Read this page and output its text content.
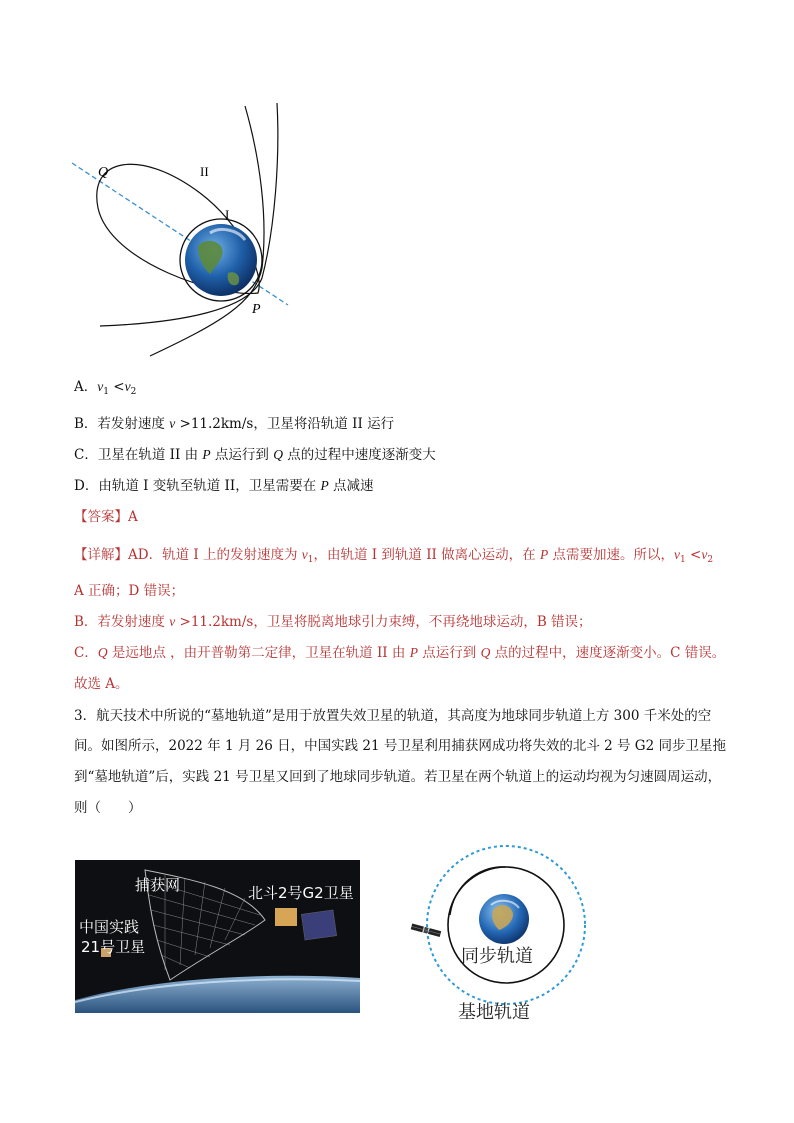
Q	II
I
P
A．$v_1 <v_2$
B．若发射速度 v >11.2km/s，卫星将沿轨道 II 运行
C．卫星在轨道 II 由 P 点运行到 Q 点的过程中速度逐渐变大
D．由轨道 I 变轨至轨道 II，卫星需要在 P 点减速
【答案】A
【详解】AD．轨道 I 上的发射速度为 $v_1$，由轨道 I 到轨道 II 做离心运动，在 P 点需要加速。所以，$v_1 <v_2$
A 正确；D 错误；
B．若发射速度 v >11.2km/s，卫星将脱离地球引力束缚，不再绕地球运动，B 错误；
C．Q 是远地点 ，由开普勒第二定律，卫星在轨道 II 由 P 点运行到 Q 点的过程中，速度逐渐变小。C 错误。
故选 A。
3．航天技术中所说的“墓地轨道”是用于放置失效卫星的轨道，其高度为地球同步轨道上方 300 千米处的空
间。如图所示，2022 年 1 月 26 日，中国实践 21 号卫星利用捕获网成功将失效的北斗 2 号 G2 同步卫星拖
到“墓地轨道”后，实践 21 号卫星又回到了地球同步轨道。若卫星在两个轨道上的运动均视为匀速圆周运动，
则（　　）
捕获网	北斗2号G2卫星
中国实践
21号卫星	同步轨道
基地轨道
